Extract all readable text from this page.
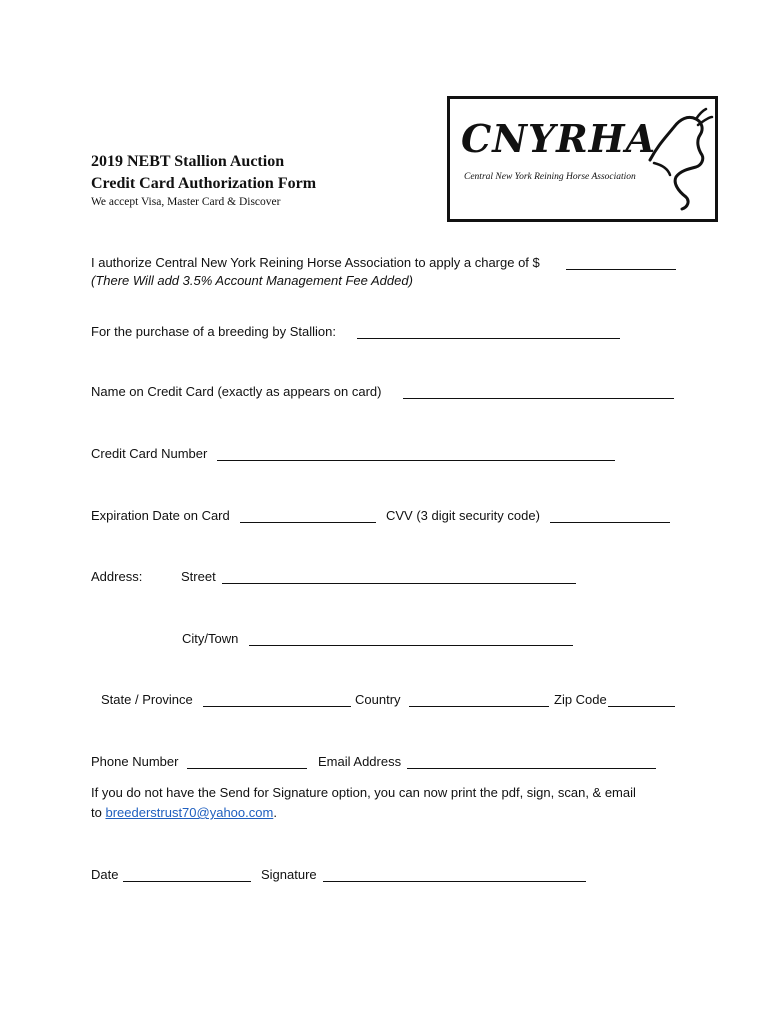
2019 NEBT Stallion Auction
Credit Card Authorization Form
We accept Visa, Master Card & Discover
CNYRHA
Central New York Reining Horse Association
I authorize Central New York Reining Horse Association to apply a charge of $
(There Will add 3.5% Account Management Fee Added)
For the purchase of a breeding by Stallion:
Name on Credit Card (exactly as appears on card)
Credit Card Number
Expiration Date on Card	CVV (3 digit security code)
Address:	Street
City/Town
State / Province	Country	Zip Code
Phone Number	Email Address
If you do not have the Send for Signature option, you can now print the pdf, sign, scan, & email
to breederstrust70@yahoo.com.
Date	Signature
